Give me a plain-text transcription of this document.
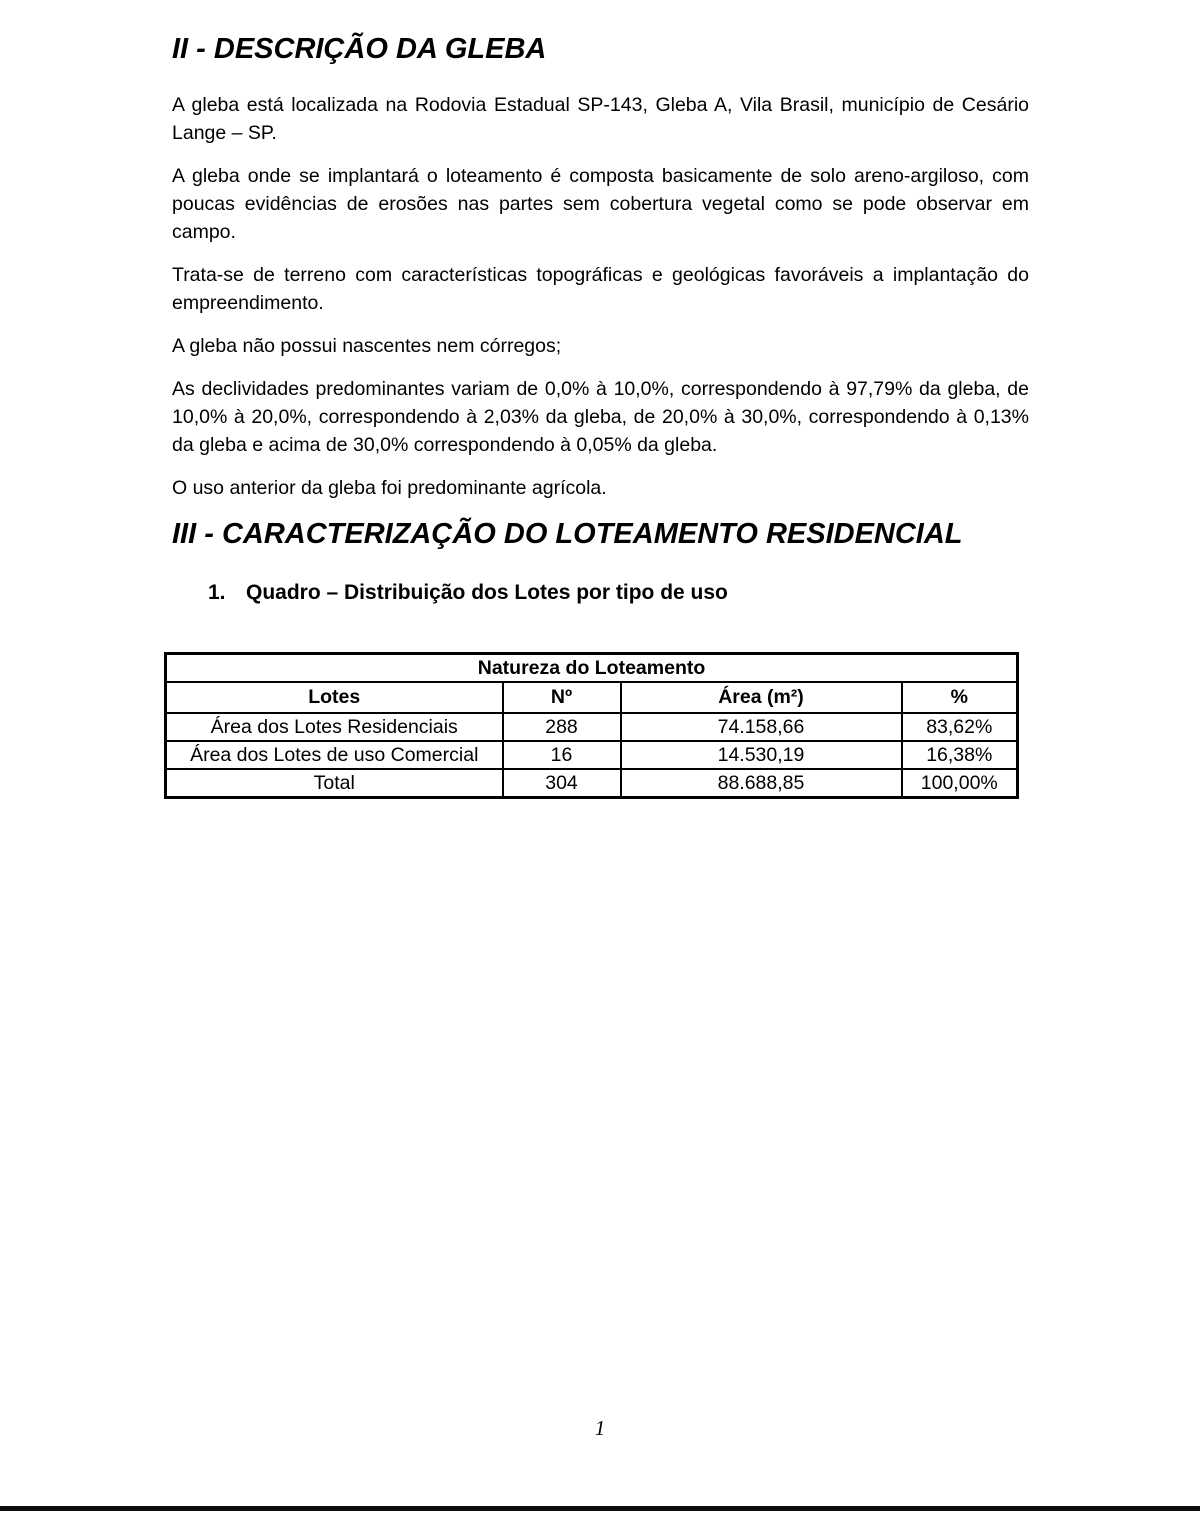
II - DESCRIÇÃO DA GLEBA

A gleba está localizada na Rodovia Estadual SP-143, Gleba A, Vila Brasil, município de Cesário Lange – SP.

A gleba onde se implantará o loteamento é composta basicamente de solo areno-argiloso, com poucas evidências de erosões nas partes sem cobertura vegetal como se pode observar em campo.

Trata-se de terreno com características topográficas e geológicas favoráveis a implantação do empreendimento.

A gleba não possui nascentes nem córregos;

As declividades predominantes variam de 0,0% à 10,0%, correspondendo à 97,79% da gleba, de 10,0% à 20,0%, correspondendo à 2,03% da gleba, de 20,0% à 30,0%, correspondendo à 0,13% da gleba e acima de 30,0% correspondendo à 0,05% da gleba.

O uso anterior da gleba foi predominante agrícola.

III - CARACTERIZAÇÃO DO LOTEAMENTO RESIDENCIAL
1. Quadro – Distribuição dos Lotes por tipo de uso
Natureza do Loteamento			
Lotes	Nº	Área (m²)	%
Área dos Lotes Residenciais	288	74.158,66	83,62%
Área dos Lotes de uso Comercial	16	14.530,19	16,38%
Total	304	88.688,85	100,00%
1
